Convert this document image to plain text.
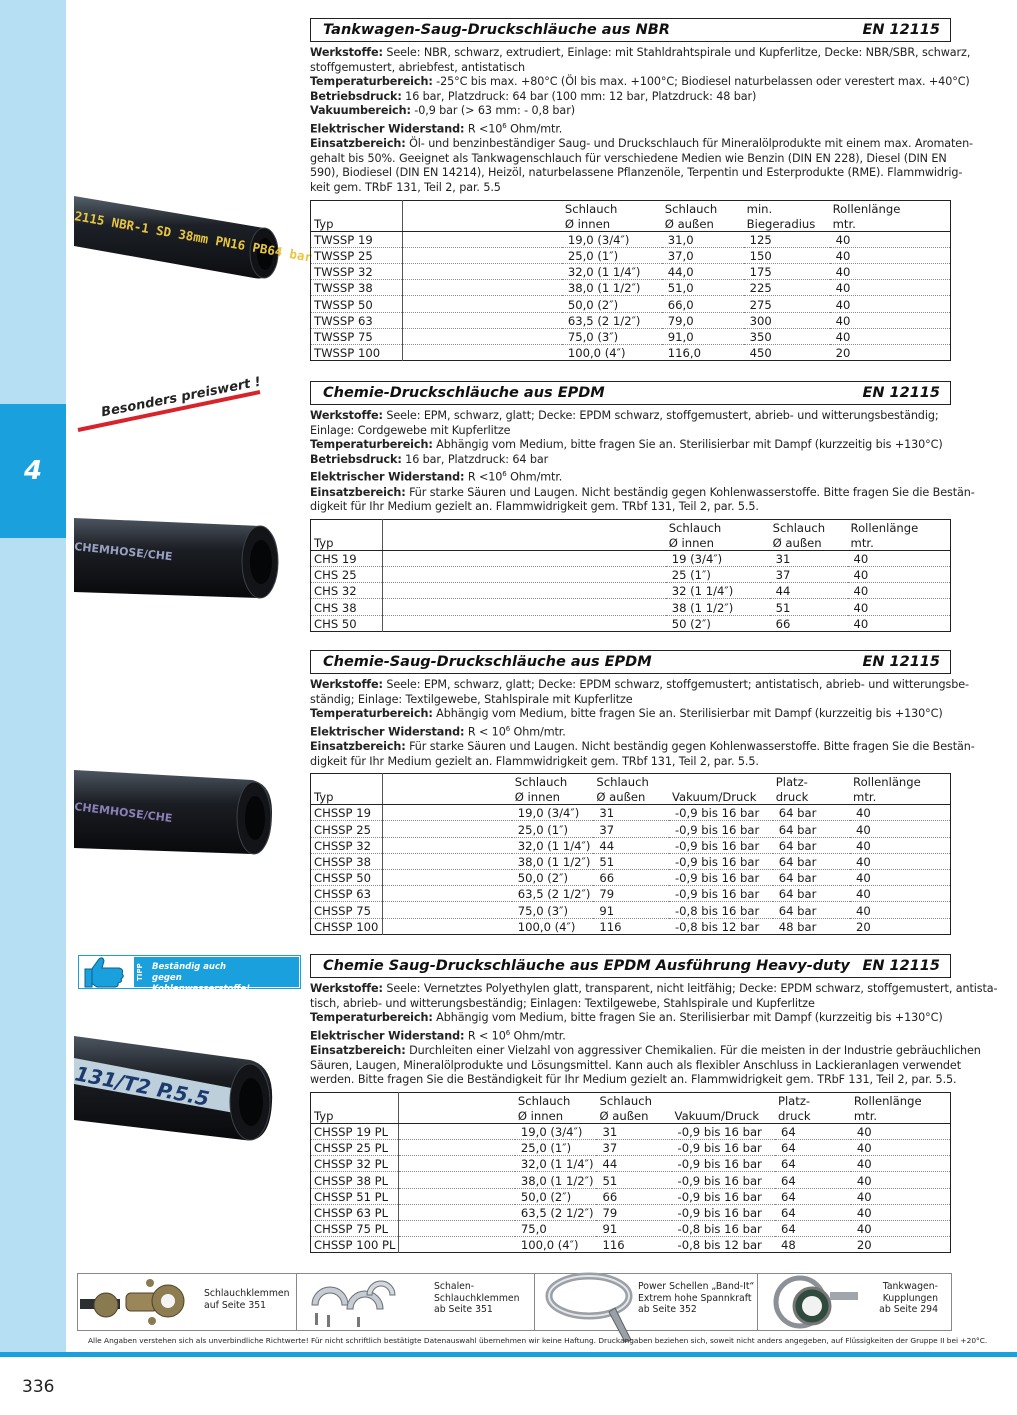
4
2115 NBR-1 SD 38mm PN16 PB64 bar
Besonders preiswert !
CHEMHOSE/CHE
CHEMHOSE/CHE
Beständig auch gegen Kohlenwasserstoffe!
TIPP
131/T2 P.5.5
Tankwagen-Saug-Druckschläuche aus NBR	EN 12115
Werkstoffe: Seele: NBR, schwarz, extrudiert, Einlage: mit Stahldrahtspirale und Kupferlitze, Decke: NBR/SBR, schwarz,
stoffgemustert, abriebfest, antistatisch
Temperaturbereich: -25°C bis max. +80°C (Öl bis max. +100°C; Biodiesel naturbelassen oder verestert max. +40°C)
Betriebsdruck: 16 bar, Platzdruck: 64 bar (100 mm: 12 bar, Platzdruck: 48 bar)
Vakuumbereich: -0,9 bar (> 63 mm: - 0,8 bar)
Elektrischer Widerstand: $R <10^6$ Ohm/mtr.
Einsatzbereich: Öl- und benzinbeständiger Saug- und Druckschlauch für Mineralölprodukte mit einem max. Aromaten-
gehalt bis 50%. Geeignet als Tankwagenschlauch für verschiedene Medien wie Benzin (DIN EN 228), Diesel (DIN EN
590), Biodiesel (DIN EN 14214), Heizöl, naturbelassene Pflanzenöle, Terpentin und Esterprodukte (RME). Flammwidrig-
keit gem. TRbF 131, Teil 2, par. 5.5
		Schlauch	Schlauch	min.	Rollenlänge
Typ		Ø innen	Ø außen	Biegeradius	mtr.
TWSSP 19		19,0 (3/4″)	31,0	125	40
TWSSP 25		25,0 (1″)	37,0	150	40
TWSSP 32		32,0 (1 1/4″)	44,0	175	40
TWSSP 38		38,0 (1 1/2″)	51,0	225	40
TWSSP 50		50,0 (2″)	66,0	275	40
TWSSP 63		63,5 (2 1/2″)	79,0	300	40
TWSSP 75		75,0 (3″)	91,0	350	40
TWSSP 100		100,0 (4″)	116,0	450	20
Chemie-Druckschläuche aus EPDM	EN 12115
Werkstoffe: Seele: EPM, schwarz, glatt; Decke: EPDM schwarz, stoffgemustert, abrieb- und witterungsbeständig;
Einlage: Cordgewebe mit Kupferlitze
Temperaturbereich: Abhängig vom Medium, bitte fragen Sie an. Sterilisierbar mit Dampf (kurzzeitig bis +130°C)
Betriebsdruck: 16 bar, Platzdruck: 64 bar
Elektrischer Widerstand: $R <10^6$ Ohm/mtr.
Einsatzbereich: Für starke Säuren und Laugen. Nicht beständig gegen Kohlenwasserstoffe. Bitte fragen Sie die Bestän-
digkeit für Ihr Medium gezielt an. Flammwidrigkeit gem. TRbf 131, Teil 2, par. 5.5.
		Schlauch	Schlauch	Rollenlänge
Typ		Ø innen	Ø außen	mtr.
CHS 19		19 (3/4″)	31	40
CHS 25		25 (1″)	37	40
CHS 32		32 (1 1/4″)	44	40
CHS 38		38 (1 1/2″)	51	40
CHS 50		50 (2″)	66	40
Chemie-Saug-Druckschläuche aus EPDM	EN 12115
Werkstoffe: Seele: EPM, schwarz, glatt; Decke: EPDM schwarz, stoffgemustert; antistatisch, abrieb- und witterungsbe-
ständig; Einlage: Textilgewebe, Stahlspirale mit Kupferlitze
Temperaturbereich: Abhängig vom Medium, bitte fragen Sie an. Sterilisierbar mit Dampf (kurzzeitig bis +130°C)
Elektrischer Widerstand: $R < 10^6$ Ohm/mtr.
Einsatzbereich: Für starke Säuren und Laugen. Nicht beständig gegen Kohlenwasserstoffe. Bitte fragen Sie die Bestän-
digkeit für Ihr Medium gezielt an. Flammwidrigkeit gem. TRbf 131, Teil 2, par. 5.5.
		Schlauch	Schlauch		Platz-	Rollenlänge
Typ		Ø innen	Ø außen	Vakuum/Druck	druck	mtr.
CHSSP 19		19,0 (3/4″)	31	-0,9 bis 16 bar	64 bar	40
CHSSP 25		25,0 (1″)	37	-0,9 bis 16 bar	64 bar	40
CHSSP 32		32,0 (1 1/4″)	44	-0,9 bis 16 bar	64 bar	40
CHSSP 38		38,0 (1 1/2″)	51	-0,9 bis 16 bar	64 bar	40
CHSSP 50		50,0 (2″)	66	-0,9 bis 16 bar	64 bar	40
CHSSP 63		63,5 (2 1/2″)	79	-0,9 bis 16 bar	64 bar	40
CHSSP 75		75,0 (3″)	91	-0,8 bis 16 bar	64 bar	40
CHSSP 100		100,0 (4″)	116	-0,8 bis 12 bar	48 bar	20
Chemie Saug-Druckschläuche aus EPDM Ausführung Heavy-duty EN 12115
Werkstoffe: Seele: Vernetztes Polyethylen glatt, transparent, nicht leitfähig; Decke: EPDM schwarz, stoffgemustert, antista-
tisch, abrieb- und witterungsbeständig; Einlagen: Textilgewebe, Stahlspirale und Kupferlitze
Temperaturbereich: Abhängig vom Medium, bitte fragen Sie an. Sterilisierbar mit Dampf (kurzzeitig bis +130°C)
Elektrischer Widerstand: $R < 10^6$ Ohm/mtr.
Einsatzbereich: Durchleiten einer Vielzahl von aggressiver Chemikalien. Für die meisten in der Industrie gebräuchlichen
Säuren, Laugen, Mineralölprodukte und Lösungsmittel. Kann auch als flexibler Anschluss in Lackieranlagen verwendet
werden. Bitte fragen Sie die Beständigkeit für Ihr Medium gezielt an. Flammwidrigkeit gem. TRbF 131, Teil 2, par. 5.5.
		Schlauch	Schlauch		Platz-	Rollenlänge
Typ		Ø innen	Ø außen	Vakuum/Druck	druck	mtr.
CHSSP 19 PL		19,0 (3/4″)	31	-0,9 bis 16 bar	64	40
CHSSP 25 PL		25,0 (1″)	37	-0,9 bis 16 bar	64	40
CHSSP 32 PL		32,0 (1 1/4″)	44	-0,9 bis 16 bar	64	40
CHSSP 38 PL		38,0 (1 1/2″)	51	-0,9 bis 16 bar	64	40
CHSSP 51 PL		50,0 (2″)	66	-0,9 bis 16 bar	64	40
CHSSP 63 PL		63,5 (2 1/2″)	79	-0,9 bis 16 bar	64	40
CHSSP 75 PL		75,0	91	-0,8 bis 16 bar	64	40
CHSSP 100 PL		100,0 (4″)	116	-0,8 bis 12 bar	48	20
Schlauchklemmen
auf Seite 351
Schalen-
Schlauchklemmen
ab Seite 351
Power Schellen „Band-It“
Extrem hohe Spannkraft
ab Seite 352
Tankwagen-
Kupplungen
ab Seite 294
Alle Angaben verstehen sich als unverbindliche Richtwerte! Für nicht schriftlich bestätigte Datenauswahl übernehmen wir keine Haftung. Druckangaben beziehen sich, soweit nicht anders angegeben, auf Flüssigkeiten der Gruppe II bei +20°C.
336
